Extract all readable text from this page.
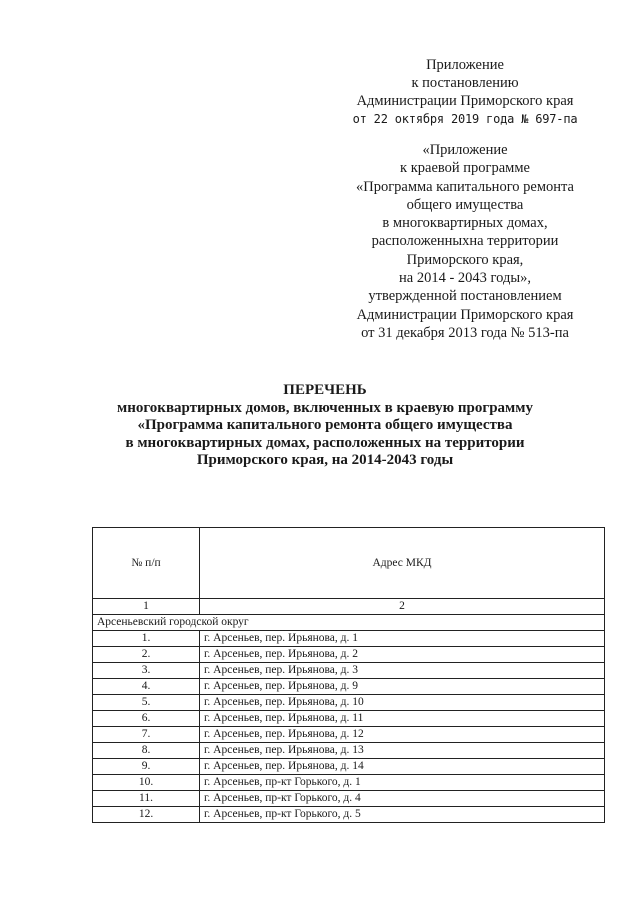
Приложение
к постановлению
Администрации Приморского края
от 22 октября 2019 года № 697-па
«Приложение
к краевой программе
«Программа капитального ремонта
общего имущества
в многоквартирных домах,
расположенныхна территории
Приморского края,
на 2014 - 2043 годы»,
утвержденной постановлением
Администрации Приморского края
от 31 декабря 2013 года № 513-па
ПЕРЕЧЕНЬ
многоквартирных домов, включенных в краевую программу
«Программа капитального ремонта общего имущества
в многоквартирных домах, расположенных на территории
Приморского края, на 2014-2043 годы
№ п/п	Адрес МКД
1	2
Арсеньевский городской округ	
1.	г. Арсеньев, пер. Ирьянова, д. 1
2.	г. Арсеньев, пер. Ирьянова, д. 2
3.	г. Арсеньев, пер. Ирьянова, д. 3
4.	г. Арсеньев, пер. Ирьянова, д. 9
5.	г. Арсеньев, пер. Ирьянова, д. 10
6.	г. Арсеньев, пер. Ирьянова, д. 11
7.	г. Арсеньев, пер. Ирьянова, д. 12
8.	г. Арсеньев, пер. Ирьянова, д. 13
9.	г. Арсеньев, пер. Ирьянова, д. 14
10.	г. Арсеньев, пр-кт Горького, д. 1
11.	г. Арсеньев, пр-кт Горького, д. 4
12.	г. Арсеньев, пр-кт Горького, д. 5
